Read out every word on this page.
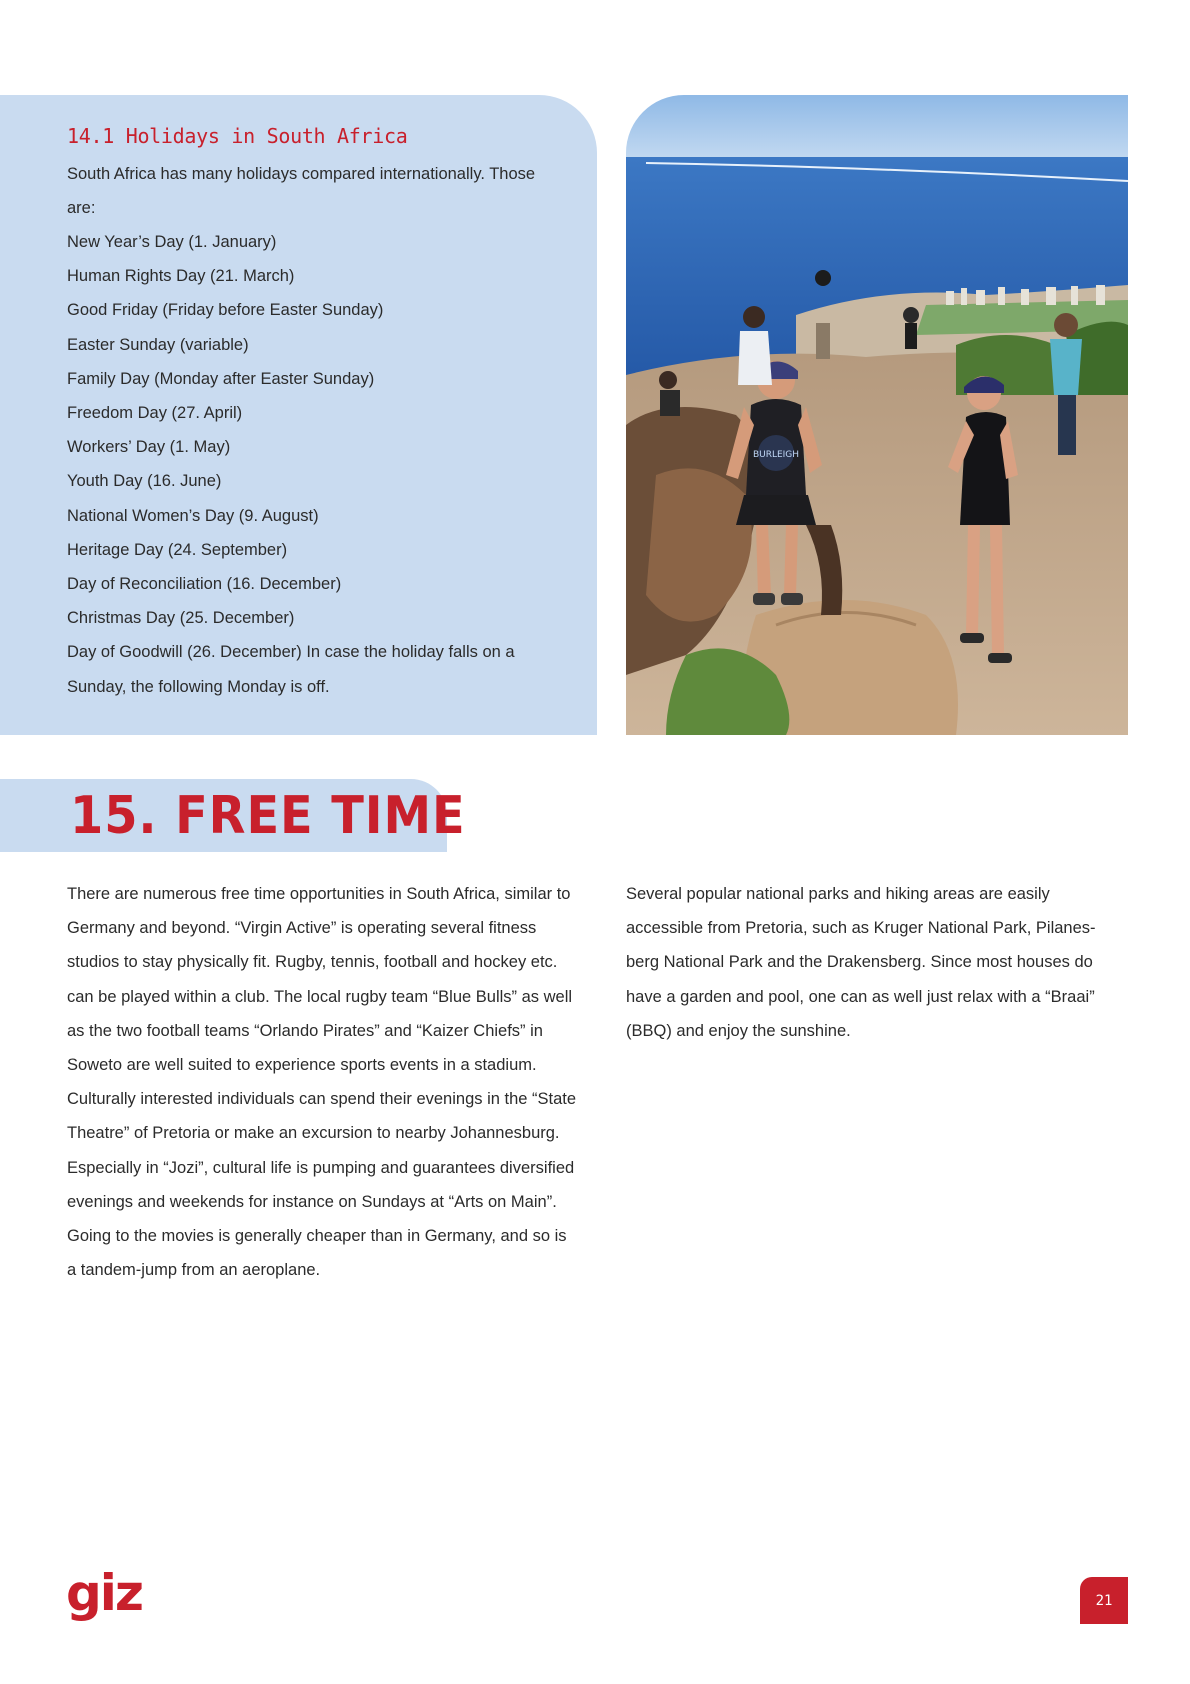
14.1 Holidays in South Africa

South Africa has many holidays compared internationally. Those are:

New Year’s Day (1. January)
Human Rights Day (21. March)
Good Friday (Friday before Easter Sunday)
Easter Sunday (variable)
Family Day (Monday after Easter Sunday)
Freedom Day (27. April)
Workers’ Day (1. May)
Youth Day (16. June)
National Women’s Day (9. August)
Heritage Day (24. September)
Day of Reconciliation (16. December)
Christmas Day (25. December)
Day of Goodwill (26. December) In case the holiday falls on a Sunday, the following Monday is off.
BURLEIGH
15. FREE TIME

There are numerous free time opportunities in South Africa, similar to Germany and beyond. “Virgin Active” is operating several fitness studios to stay physically fit. Rugby, tennis, football and hockey etc. can be played within a club. The local rugby team “Blue Bulls” as well as the two football teams “Orlando Pirates” and “Kaizer Chiefs” in Soweto are well suited to experience sports events in a stadium.

Culturally interested individuals can spend their evenings in the “State Theatre” of Pretoria or make an excursion to nearby Johannesburg. Especially in “Jozi”, cultural life is pumping and guarantees diversified evenings and weekends for instance on Sundays at “Arts on Main”. Going to the movies is generally cheaper than in Germany, and so is a tandem-jump from an aeroplane.

Several popular national parks and hiking areas are easily accessible from Pretoria, such as Kruger National Park, Pilanes-berg National Park and the Drakensberg. Since most houses do have a garden and pool, one can as well just relax with a “Braai” (BBQ) and enjoy the sunshine.

giz	21
